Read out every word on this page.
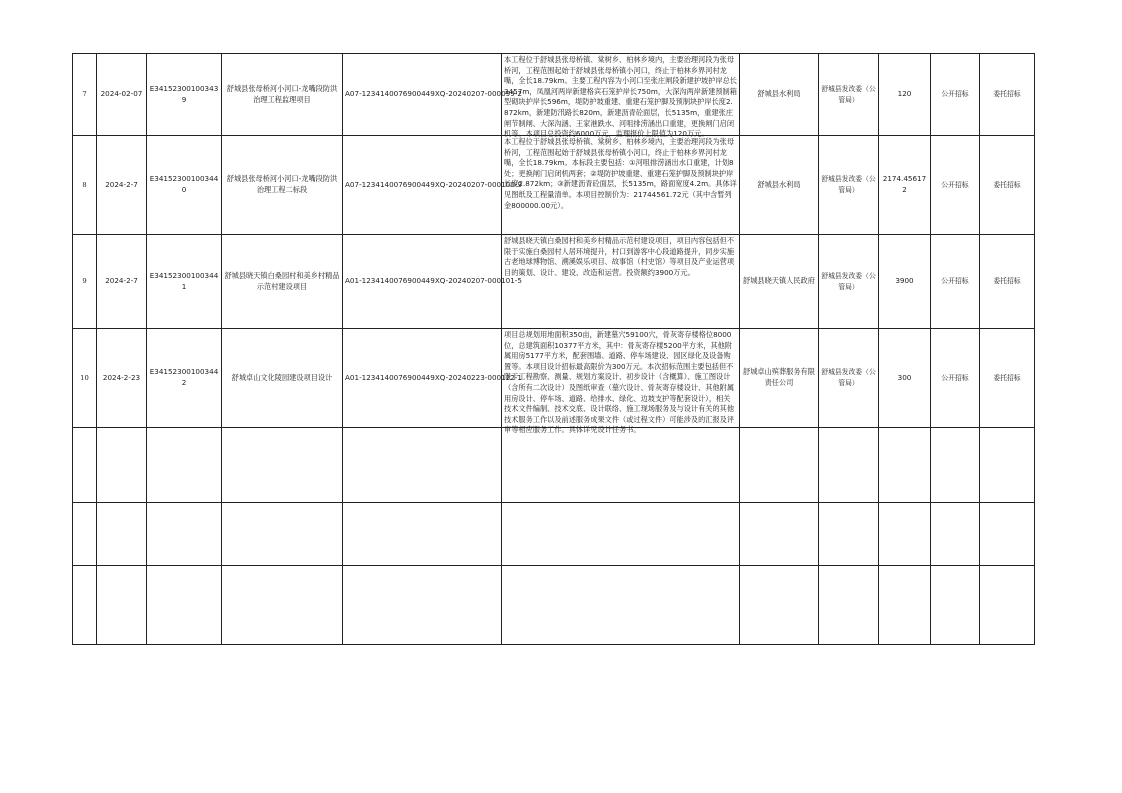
7	2024-02-07	E341523001003439	舒城县张母桥河小河口-龙嘴段防洪治理工程监理项目	A07-1234140076900449XQ-20240207-000099-2	本工程位于舒城县张母桥镇、棠树乡、柏林乡境内，主要治理河段为张母桥河，工程范围起始于舒城县张母桥镇小河口，终止于柏林乡界河村龙嘴，全长18.79km。主要工程内容为小河口至张庄闸段新建护坡护岸总长3457m，凤凰河两岸新建格宾石笼护岸长750m，大深沟两岸新建预制箱型砌块护岸长596m，堤防护坡重建、重建石笼护脚及预制块护岸长度2.872km，新建防汛路长820m，新建沥青砼面层，长5135m，重建张庄闸节制闸、大深沟涵、王家港跌水、河咀排涝涵出口重建，更换闸门启闭机等。本项目总投资约6000万元，监理报价上限值为120万元。	舒城县水利局	舒城县发改委（公管局）	120	公开招标	委托招标
8	2024-2-7	E341523001003440	舒城县张母桥河小河口-龙嘴段防洪治理工程二标段	A07-1234140076900449XQ-20240207-000100-9	本工程位于舒城县张母桥镇、棠树乡、柏林乡境内，主要治理河段为张母桥河，工程范围起始于舒城县张母桥镇小河口，终止于柏林乡界河村龙嘴，全长18.79km。本标段主要包括：①河咀排涝涵出水口重建，计划8处；更换闸门启闭机两套；②堤防护坡重建、重建石笼护脚及预制块护岸长度2.872km；③新建沥青砼面层，长5135m，路面宽度4.2m。具体详见图纸及工程量清单。本项目控制价为：21744561.72元（其中含暂列金800000.00元）。	舒城县水利局	舒城县发改委（公管局）	2174.456172	公开招标	委托招标
9	2024-2-7	E341523001003441	舒城县晓天镇白桑园村和美乡村精品示范村建设项目	A01-1234140076900449XQ-20240207-000101-5	舒城县晓天镇白桑园村和美乡村精品示范村建设项目，项目内容包括但不限于实施白桑园村人居环境提升，村口到游客中心段道路提升，同步实施古老地球博物馆、溯溪娱乐项目、故事馆（村史馆）等项目及产业运营项目的策划、设计、建设、改造和运营。投资额约3900万元。	舒城县晓天镇人民政府	舒城县发改委（公管局）	3900	公开招标	委托招标
10	2024-2-23	E341523001003442	舒城卓山文化陵园建设项目设计	A01-1234140076900449XQ-20240223-000122-1	项目总规划用地面积350亩，新建墓穴59100穴，骨灰寄存楼格位8000位，总建筑面积10377平方米，其中：骨灰寄存楼5200平方米，其他附属用房5177平方米，配套围墙、道路、停车场建设、园区绿化及设备购置等。本项目设计招标最高限价为300万元。本次招标范围主要包括但不限于工程勘察、测量、规划方案设计、初步设计（含概算）、施工图设计（含所有二次设计）及图纸审查（墓穴设计、骨灰寄存楼设计、其他附属用房设计、停车场、道路、给排水、绿化、边坡支护等配套设计），相关技术文件编制、技术交底、设计联络、施工现场服务及与设计有关的其他技术服务工作以及前述服务成果文件（或过程文件）可能涉及的汇报及评审等相应服务工作。具体详见设计任务书。	舒城卓山殡葬服务有限责任公司	舒城县发改委（公管局）	300	公开招标	委托招标
